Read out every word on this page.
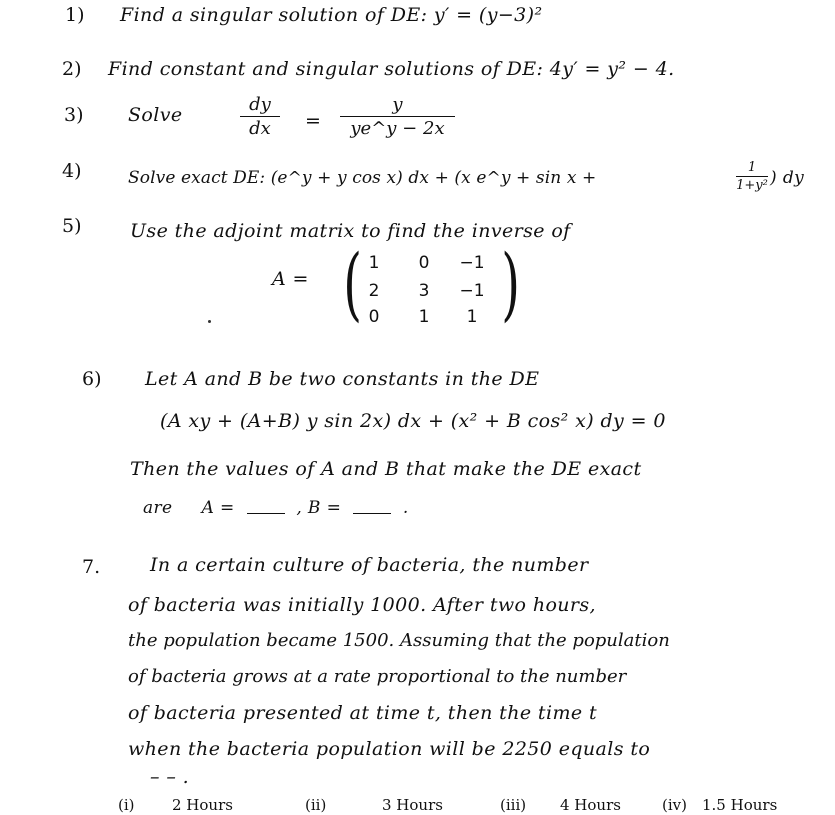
1) Find a singular solution of DE: y′ = (y−3)²
2) Find constant and singular solutions of DE: 4y′ = y² − 4.
3) Solve	dy
dx	=
y
ye^y − 2x
4)	Solve exact DE: (e^y + y cos x) dx + (x e^y + sin x +
1
1+y² ) dy
5)	Use the adjoint matrix to find the inverse of
A = ( )
1	0	−1
2	3	−1
0	1	1
6) Let A and B be two constants in the DE
(A xy + (A+B) y sin 2x) dx + (x² + B cos² x) dy = 0
Then the values of A and B that make the DE exact
are A =	, B =	.
7.	In a certain culture of bacteria, the number
of bacteria was initially 1000. After two hours,
the population became 1500. Assuming that the population
of bacteria grows at a rate proportional to the number
of bacteria presented at time t, then the time t
when the bacteria population will be 2250 equals to
– – .
(i) 2 Hours	(ii)	3 Hours	(iii) 4 Hours	(iv) 1.5 Hours
